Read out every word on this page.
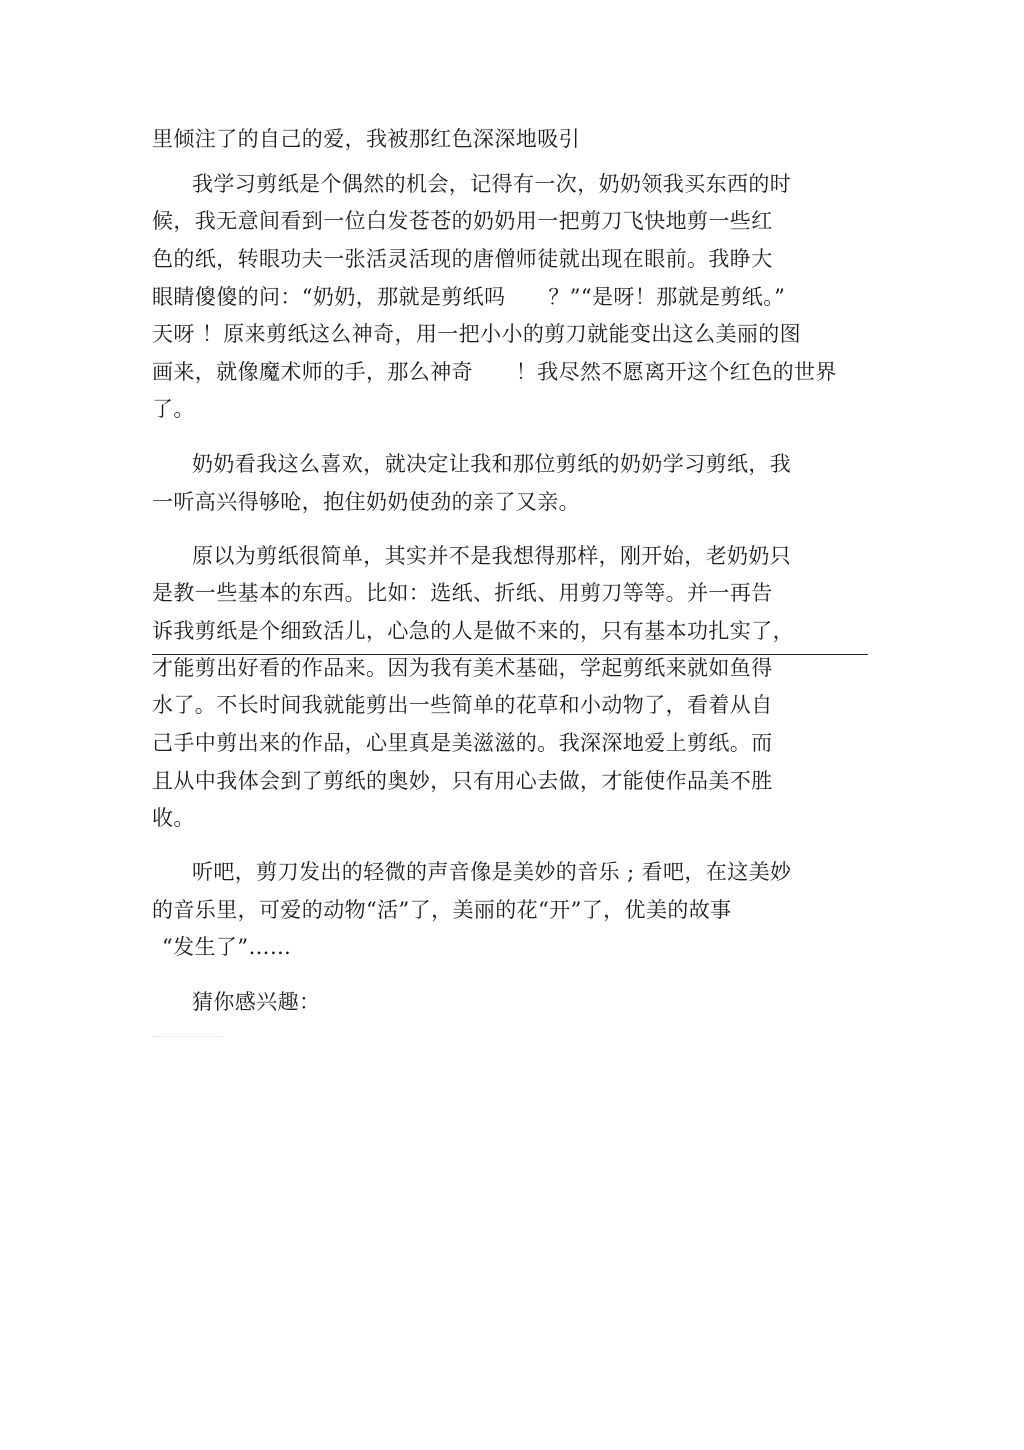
里倾注了的自己的爱，我被那红色深深地吸引
我学习剪纸是个偶然的机会，记得有一次，奶奶领我买东西的时
候，我无意间看到一位白发苍苍的奶奶用一把剪刀飞快地剪一些红
色的纸，转眼功夫一张活灵活现的唐僧师徒就出现在眼前。我睁大
眼睛傻傻的问：“奶奶，那就是剪纸吗　　？”“是呀！那就是剪纸。”
天呀 ！原来剪纸这么神奇，用一把小小的剪刀就能变出这么美丽的图
画来，就像魔术师的手，那么神奇　　！我尽然不愿离开这个红色的世界
了。
奶奶看我这么喜欢，就决定让我和那位剪纸的奶奶学习剪纸，我
一听高兴得够呛，抱住奶奶使劲的亲了又亲。
原以为剪纸很简单，其实并不是我想得那样，刚开始，老奶奶只
是教一些基本的东西。比如：选纸、折纸、用剪刀等等。并一再告
诉我剪纸是个细致活儿，心急的人是做不来的，只有基本功扎实了，
才能剪出好看的作品来。因为我有美术基础，学起剪纸来就如鱼得
水了。不长时间我就能剪出一些简单的花草和小动物了，看着从自
己手中剪出来的作品，心里真是美滋滋的。我深深地爱上剪纸。而
且从中我体会到了剪纸的奥妙，只有用心去做，才能使作品美不胜
收。
听吧，剪刀发出的轻微的声音像是美妙的音乐 ; 看吧，在这美妙
的音乐里，可爱的动物“活”了，美丽的花“开”了，优美的故事
“发生了”……
猜你感兴趣：
